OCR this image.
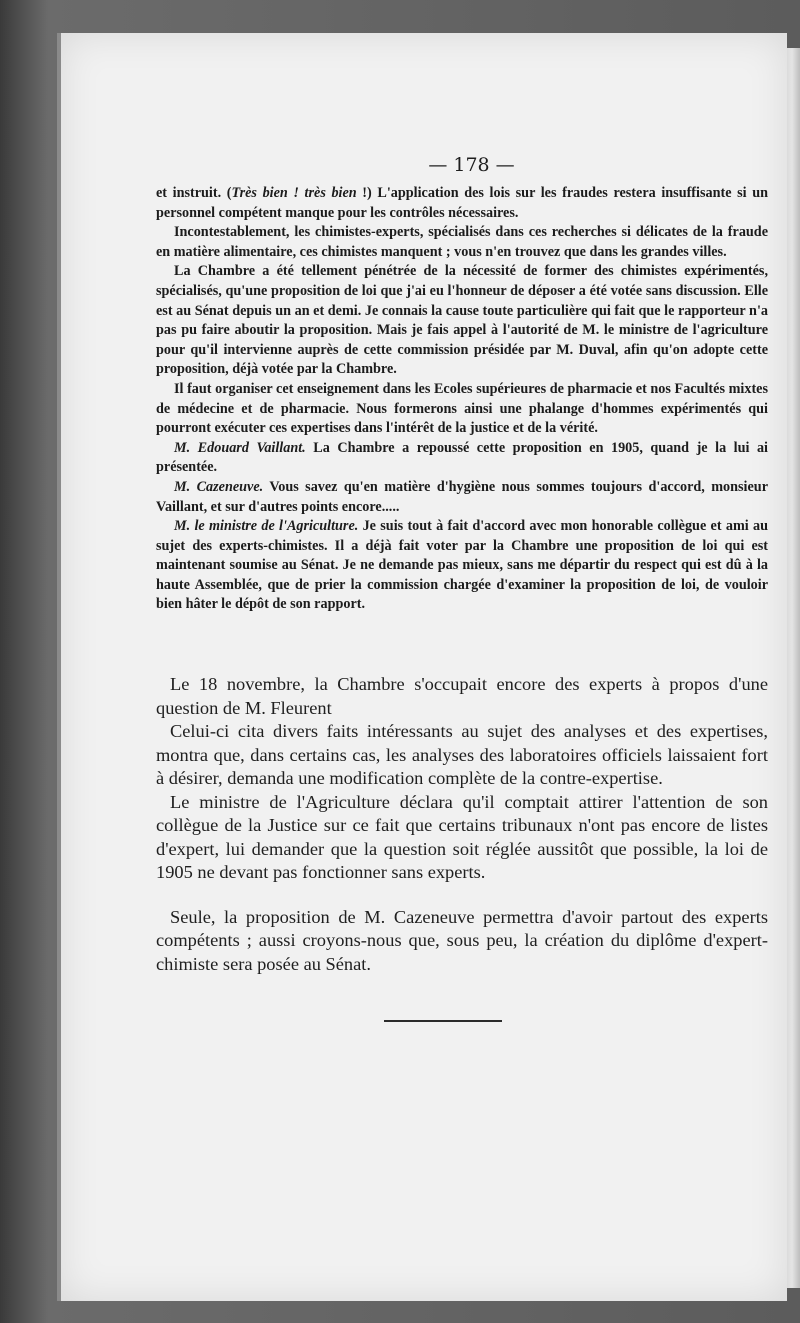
— 178 —

et instruit. (Très bien ! très bien !) L'application des lois sur les fraudes restera insuffisante si un personnel compétent manque pour les contrôles nécessaires.

Incontestablement, les chimistes-experts, spécialisés dans ces recherches si délicates de la fraude en matière alimentaire, ces chimistes manquent ; vous n'en trouvez que dans les grandes villes.

La Chambre a été tellement pénétrée de la nécessité de former des chimistes expérimentés, spécialisés, qu'une proposition de loi que j'ai eu l'honneur de déposer a été votée sans discussion. Elle est au Sénat depuis un an et demi. Je connais la cause toute particulière qui fait que le rapporteur n'a pas pu faire aboutir la proposition. Mais je fais appel à l'autorité de M. le ministre de l'agriculture pour qu'il intervienne auprès de cette commission présidée par M. Duval, afin qu'on adopte cette proposition, déjà votée par la Chambre.

Il faut organiser cet enseignement dans les Ecoles supérieures de pharmacie et nos Facultés mixtes de médecine et de pharmacie. Nous formerons ainsi une phalange d'hommes expérimentés qui pourront exécuter ces expertises dans l'intérêt de la justice et de la vérité.

M. Edouard Vaillant. La Chambre a repoussé cette proposition en 1905, quand je la lui ai présentée.

M. Cazeneuve. Vous savez qu'en matière d'hygiène nous sommes toujours d'accord, monsieur Vaillant, et sur d'autres points encore.....

M. le ministre de l'Agriculture. Je suis tout à fait d'accord avec mon honorable collègue et ami au sujet des experts-chimistes. Il a déjà fait voter par la Chambre une proposition de loi qui est maintenant soumise au Sénat. Je ne demande pas mieux, sans me départir du respect qui est dû à la haute Assemblée, que de prier la commission chargée d'examiner la proposition de loi, de vouloir bien hâter le dépôt de son rapport.

Le 18 novembre, la Chambre s'occupait encore des experts à propos d'une question de M. Fleurent

Celui-ci cita divers faits intéressants au sujet des analyses et des expertises, montra que, dans certains cas, les analyses des laboratoires officiels laissaient fort à désirer, demanda une modification complète de la contre-expertise.

Le ministre de l'Agriculture déclara qu'il comptait attirer l'attention de son collègue de la Justice sur ce fait que certains tribunaux n'ont pas encore de listes d'expert, lui demander que la question soit réglée aussitôt que possible, la loi de 1905 ne devant pas fonctionner sans experts.

Seule, la proposition de M. Cazeneuve permettra d'avoir partout des experts compétents ; aussi croyons-nous que, sous peu, la création du diplôme d'expert-chimiste sera posée au Sénat.
